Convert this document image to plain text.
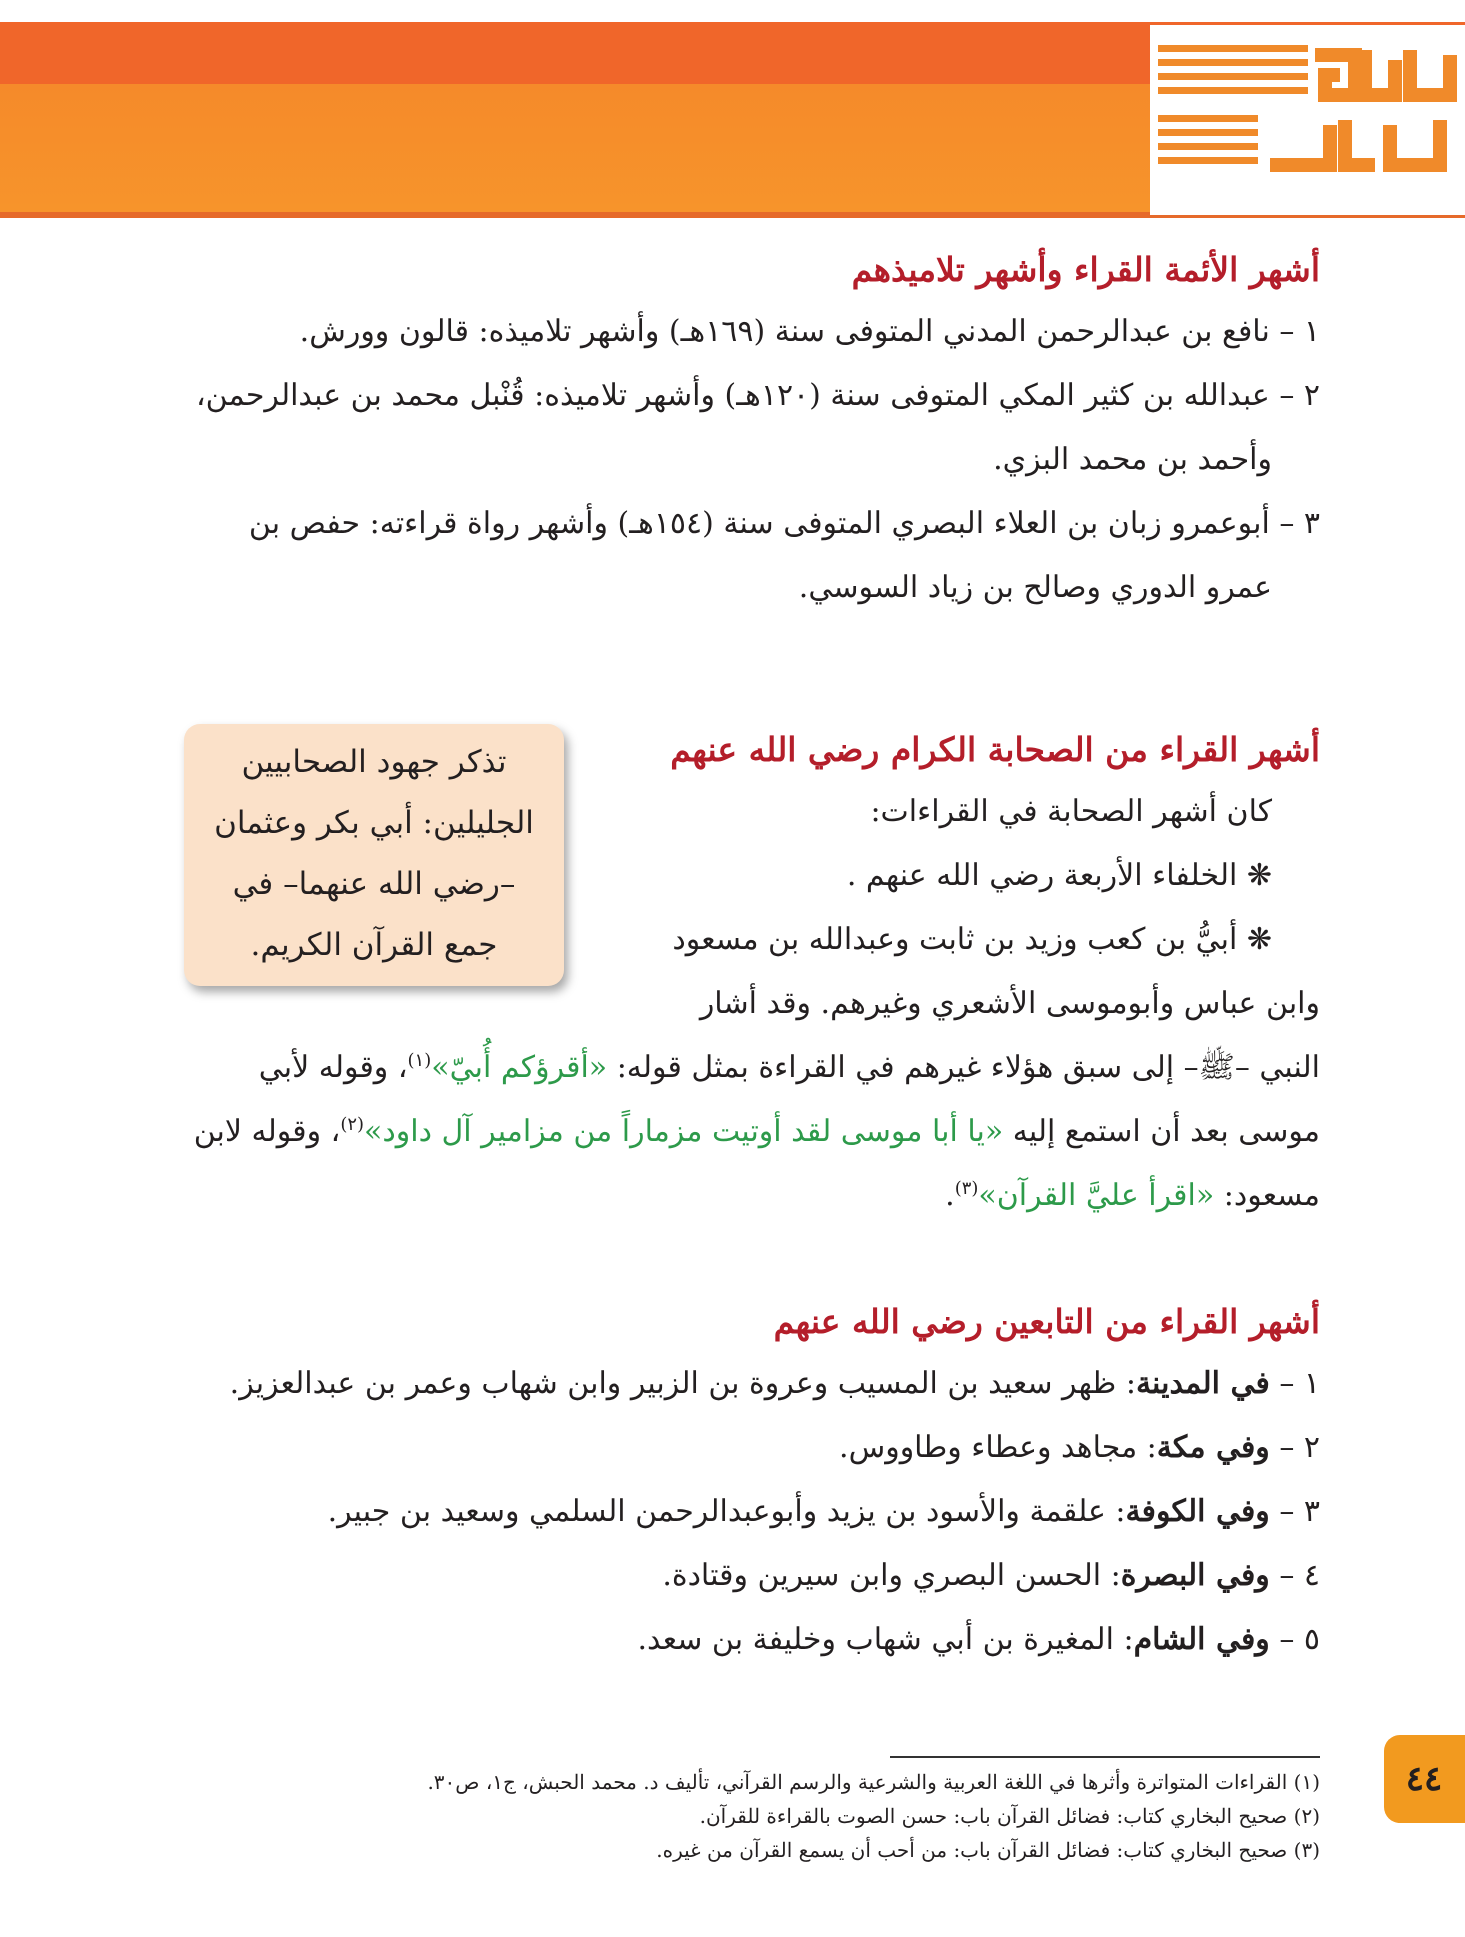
أشهر الأئمة القراء وأشهر تلاميذهم

١ – نافع بن عبدالرحمن المدني المتوفى سنة (١٦٩هـ) وأشهر تلاميذه: قالون وورش.

٢ – عبدالله بن كثير المكي المتوفى سنة (١٢٠هـ) وأشهر تلاميذه: قُنْبل محمد بن عبدالرحمن،

وأحمد بن محمد البزي.

٣ – أبوعمرو زبان بن العلاء البصري المتوفى سنة (١٥٤هـ) وأشهر رواة قراءته: حفص بن

عمرو الدوري وصالح بن زياد السوسي.

أشهر القراء من الصحابة الكرام رضي الله عنهم

كان أشهر الصحابة في القراءات:

❋ الخلفاء الأربعة رضي الله عنهم .

❋ أبيُّ بن كعب وزيد بن ثابت وعبدالله بن مسعود

وابن عباس وأبوموسى الأشعري وغيرهم. وقد أشار

النبي –ﷺ– إلى سبق هؤلاء غيرهم في القراءة بمثل قوله: «أقرؤكم أُبيّ»$^{(١)}$، وقوله لأبي

موسى بعد أن استمع إليه «يا أبا موسى لقد أوتيت مزماراً من مزامير آل داود»$^{(٢)}$، وقوله لابن

مسعود: «اقرأ عليَّ القرآن»$^{(٣)}$.

أشهر القراء من التابعين رضي الله عنهم

١ – في المدينة: ظهر سعيد بن المسيب وعروة بن الزبير وابن شهاب وعمر بن عبدالعزيز.

٢ – وفي مكة: مجاهد وعطاء وطاووس.

٣ – وفي الكوفة: علقمة والأسود بن يزيد وأبوعبدالرحمن السلمي وسعيد بن جبير.

٤ – وفي البصرة: الحسن البصري وابن سيرين وقتادة.

٥ – وفي الشام: المغيرة بن أبي شهاب وخليفة بن سعد.

تذكر جهود الصحابيين
الجليلين: أبي بكر وعثمان
–رضي الله عنهما– في
جمع القرآن الكريم.
(١) القراءات المتواترة وأثرها في اللغة العربية والشرعية والرسم القرآني، تأليف د. محمد الحبش، ج١، ص٣٠.
(٢) صحيح البخاري كتاب: فضائل القرآن باب: حسن الصوت بالقراءة للقرآن.
(٣) صحيح البخاري كتاب: فضائل القرآن باب: من أحب أن يسمع القرآن من غيره.
٤٤
